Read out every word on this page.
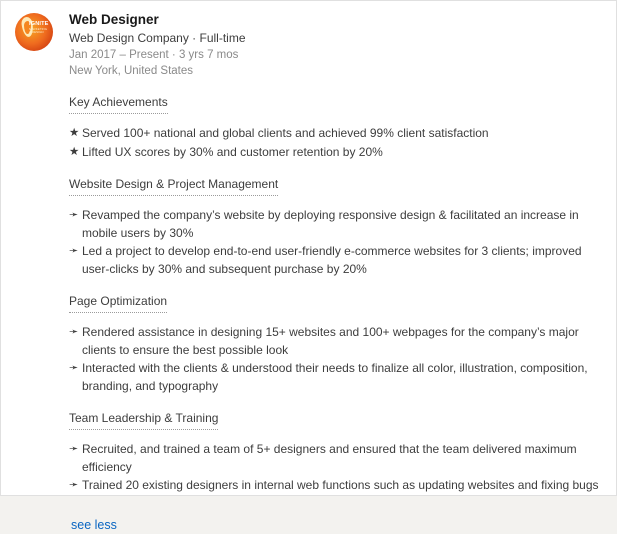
IGNITE
MARKETING
& DESIGN
Web Designer
Web Design Company · Full-time
Jan 2017 – Present · 3 yrs 7 mos
New York, United States
Key Achievements
★ Served 100+ national and global clients and achieved 99% client satisfaction
★ Lifted UX scores by 30% and customer retention by 20%
Website Design & Project Management
➛ Revamped the company’s website by deploying responsive design & facilitated an increase in mobile users by 30%
➛ Led a project to develop end-to-end user-friendly e-commerce websites for 3 clients; improved user-clicks by 30% and subsequent purchase by 20%
Page Optimization
➛ Rendered assistance in designing 15+ websites and 100+ webpages for the company’s major clients to ensure the best possible look
➛ Interacted with the clients & understood their needs to finalize all color, illustration, composition, branding, and typography
Team Leadership & Training
➛ Recruited, and trained a team of 5+ designers and ensured that the team delivered maximum efficiency
➛ Trained 20 existing designers in internal web functions such as updating websites and fixing bugs
see less
